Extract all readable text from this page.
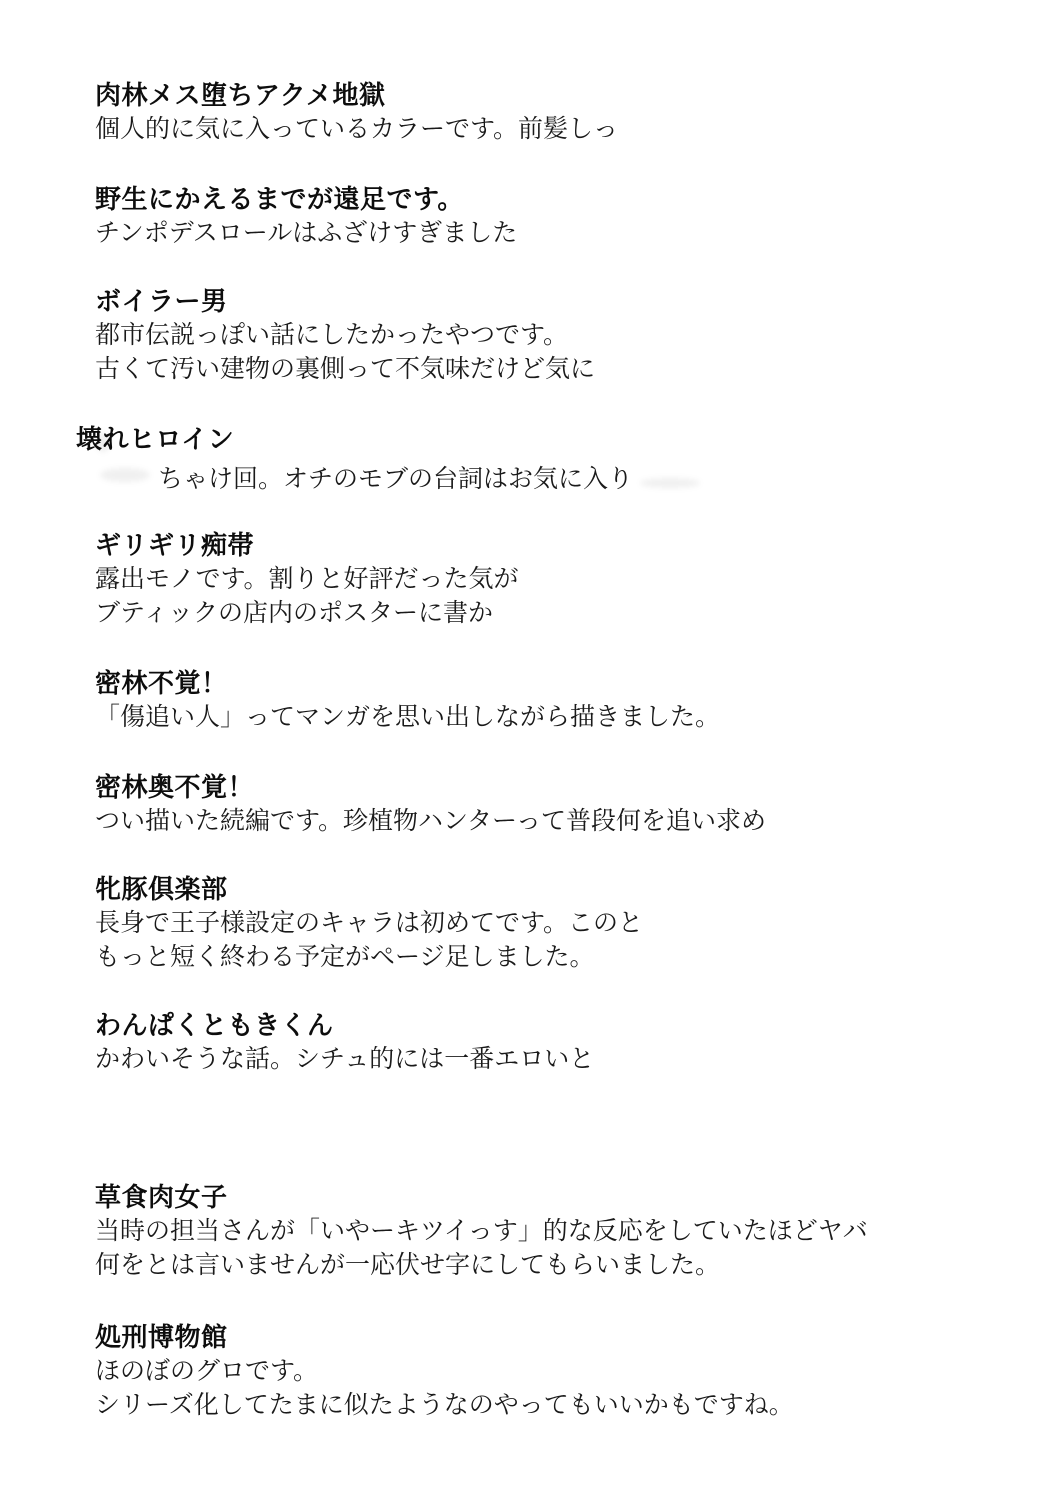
肉林メス堕ちアクメ地獄
個人的に気に入っているカラーです。前髪しっ
野生にかえるまでが遠足です。
チンポデスロールはふざけすぎました
ボイラー男
都市伝説っぽい話にしたかったやつです。
古くて汚い建物の裏側って不気味だけど気に
壊れヒロイン
ちゃけ回。オチのモブの台詞はお気に入り
ギリギリ痴帯
露出モノです。割りと好評だった気が
ブティックの店内のポスターに書か
密林不覚！
「傷追い人」ってマンガを思い出しながら描きました。
密林奥不覚！
つい描いた続編です。珍植物ハンターって普段何を追い求め
牝豚倶楽部
長身で王子様設定のキャラは初めてです。このと
もっと短く終わる予定がページ足しました。
わんぱくともきくん
かわいそうな話。シチュ的には一番エロいと
草食肉女子
当時の担当さんが「いやーキツイっす」的な反応をしていたほどヤバ
何をとは言いませんが一応伏せ字にしてもらいました。
処刑博物館
ほのぼのグロです。
シリーズ化してたまに似たようなのやってもいいかもですね。
